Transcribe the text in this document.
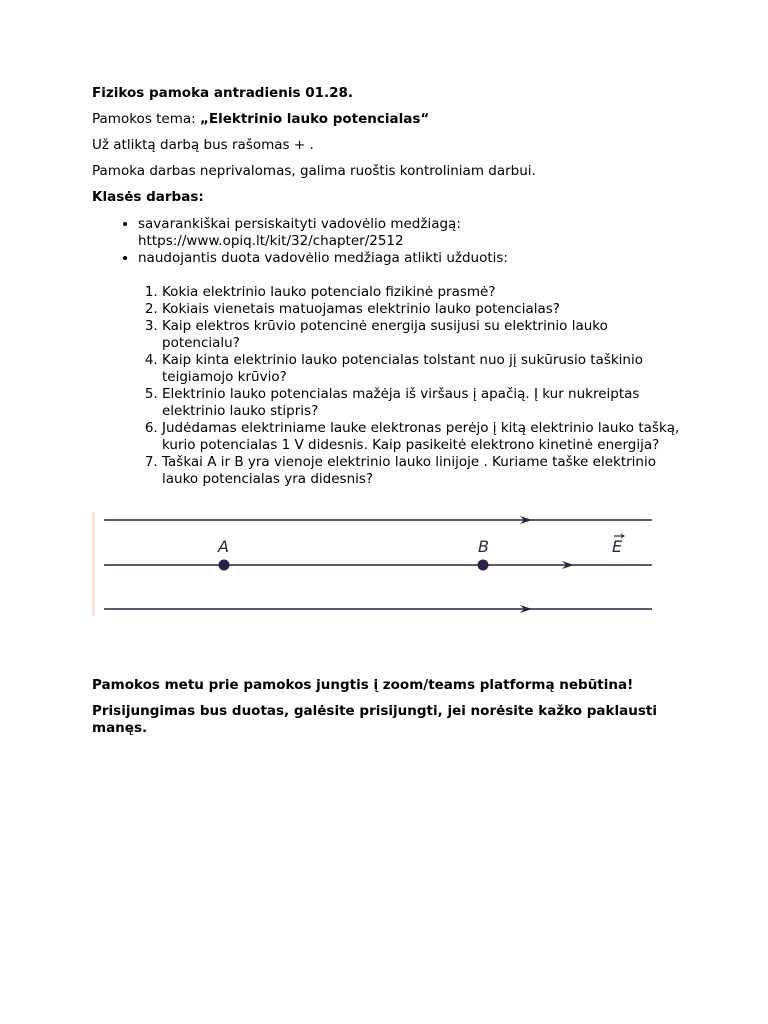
Fizikos pamoka antradienis 01.28.

Pamokos tema: „Elektrinio lauko potencialas“

Už atliktą darbą bus rašomas + .

Pamoka darbas neprivalomas, galima ruoštis kontroliniam darbui.

Klasės darbas:

• savarankiškai persiskaityti vadovėlio medžiagą: https://www.opiq.lt/kit/32/chapter/2512
• naudojantis duota vadovėlio medžiaga atlikti užduotis:
1. Kokia elektrinio lauko potencialo fizikinė prasmė?
2. Kokiais vienetais matuojamas elektrinio lauko potencialas?
3. Kaip elektros krūvio potencinė energija susijusi su elektrinio lauko potencialu?
4. Kaip kinta elektrinio lauko potencialas tolstant nuo jį sukūrusio taškinio teigiamojo krūvio?
5. Elektrinio lauko potencialas mažėja iš viršaus į apačią. Į kur nukreiptas elektrinio lauko stipris?
6. Judėdamas elektriniame lauke elektronas perėjo į kitą elektrinio lauko tašką, kurio potencialas 1 V didesnis. Kaip pasikeitė elektrono kinetinė energija?
7. Taškai A ir B yra vienoje elektrinio lauko linijoje . Kuriame taške elektrinio lauko potencialas yra didesnis?
A	B	E

Pamokos metu prie pamokos jungtis į zoom/teams platformą nebūtina!

Prisijungimas bus duotas, galėsite prisijungti, jei norėsite kažko paklausti manęs.
